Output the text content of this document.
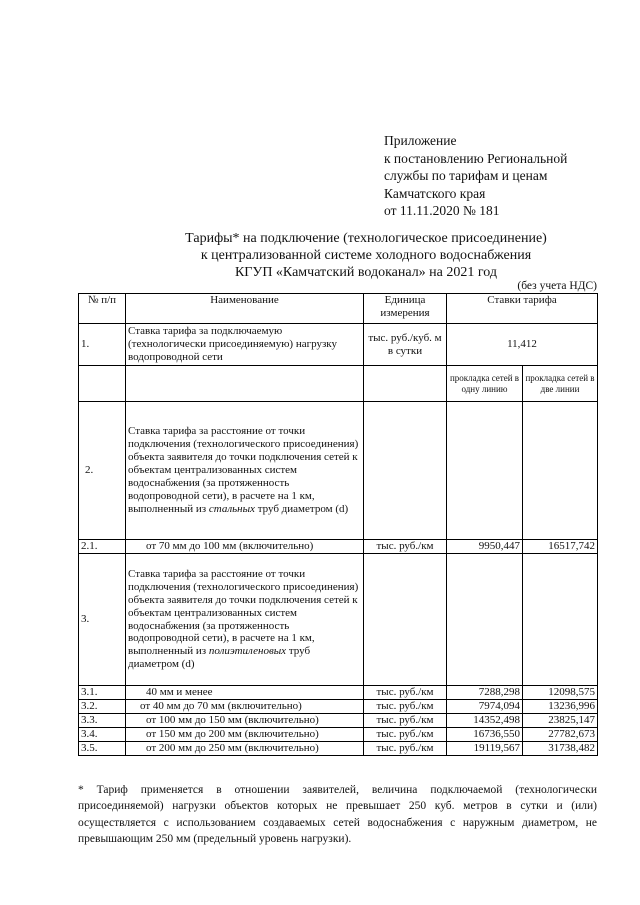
Приложение
к постановлению Региональной
службы по тарифам и ценам
Камчатского края
от 11.11.2020 № 181
Тарифы* на подключение (технологическое присоединение)
к централизованной системе холодного водоснабжения
КГУП «Камчатский водоканал» на 2021 год
(без учета НДС)
№ п/п	Наименование	Единица измерения	Ставки тарифа	
1.	Ставка тарифа за подключаемую (технологически присоединяемую) нагрузку водопроводной сети	тыс. руб./куб. м в сутки	11,412	
			прокладка сетей в одну линию	прокладка сетей в две линии
2.	Ставка тарифа за расстояние от точки подключения (технологического присоединения) объекта заявителя до точки подключения сетей к объектам централизованных систем водоснабжения (за протяженность водопроводной сети), в расчете на 1 км, выполненный из стальных труб диаметром (d)			
2.1.	от 70 мм до 100 мм (включительно)	тыс. руб./км	9950,447	16517,742
3.	Ставка тарифа за расстояние от точки подключения (технологического присоединения) объекта заявителя до точки подключения сетей к объектам централизованных систем водоснабжения (за протяженность водопроводной сети), в расчете на 1 км, выполненный из полиэтиленовых труб диаметром (d)			
3.1.	40 мм и менее	тыс. руб./км	7288,298	12098,575
3.2.	от 40 мм до 70 мм (включительно)	тыс. руб./км	7974,094	13236,996
3.3.	от 100 мм до 150 мм (включительно)	тыс. руб./км	14352,498	23825,147
3.4.	от 150 мм до 200 мм (включительно)	тыс. руб./км	16736,550	27782,673
3.5.	от 200 мм до 250 мм (включительно)	тыс. руб./км	19119,567	31738,482
* Тариф применяется в отношении заявителей, величина подключаемой (технологически присоединяемой) нагрузки объектов которых не превышает 250 куб. метров в сутки и (или) осуществляется с использованием создаваемых сетей водоснабжения с наружным диаметром, не превышающим 250 мм (предельный уровень нагрузки).
